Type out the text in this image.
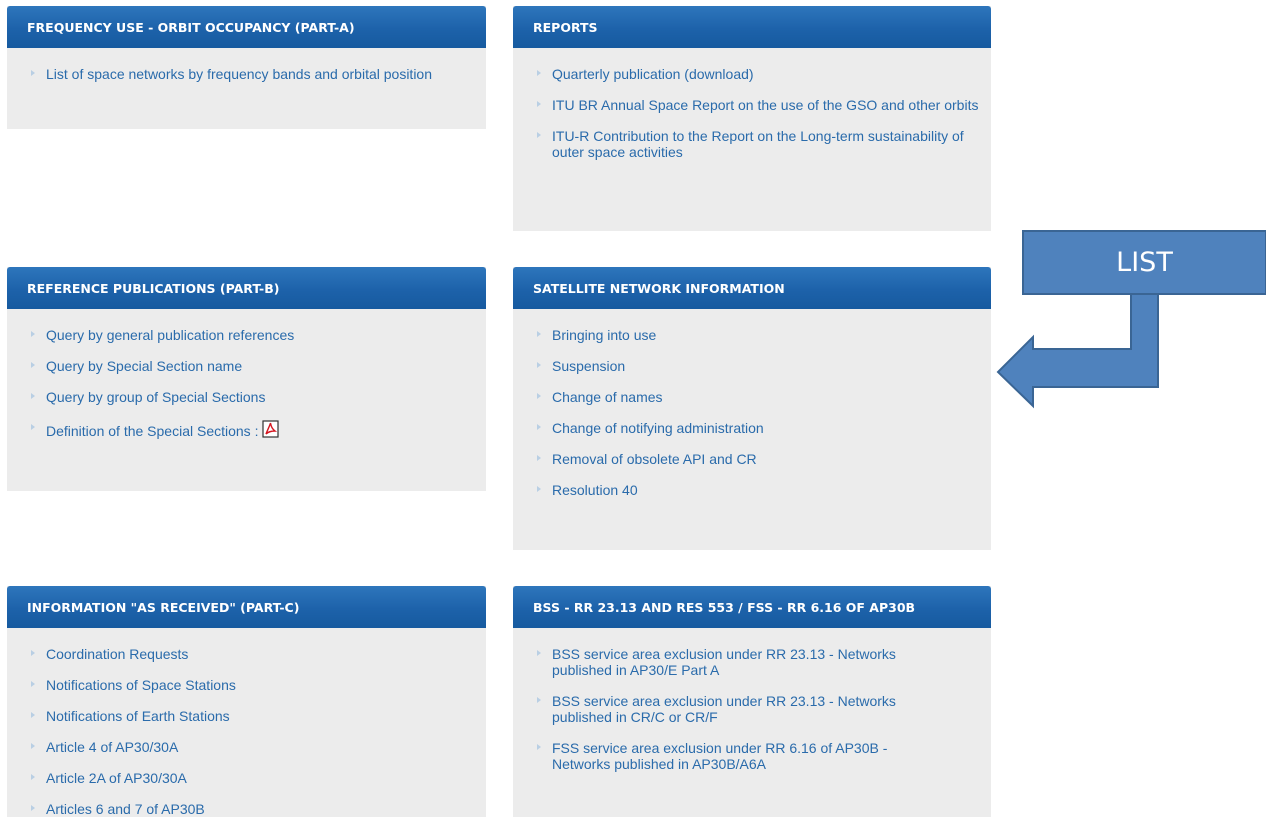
FREQUENCY USE - ORBIT OCCUPANCY (PART-A)
List of space networks by frequency bands and orbital position
REPORTS
Quarterly publication (download)
ITU BR Annual Space Report on the use of the GSO and other orbits
ITU-R Contribution to the Report on the Long-term sustainability of outer space activities
REFERENCE PUBLICATIONS (PART-B)
Query by general publication references
Query by Special Section name
Query by group of Special Sections
Definition of the Special Sections :
SATELLITE NETWORK INFORMATION
Bringing into use
Suspension
Change of names
Change of notifying administration
Removal of obsolete API and CR
Resolution 40
INFORMATION "AS RECEIVED" (PART-C)
Coordination Requests
Notifications of Space Stations
Notifications of Earth Stations
Article 4 of AP30/30A
Article 2A of AP30/30A
Articles 6 and 7 of AP30B
BSS - RR 23.13 AND RES 553 / FSS - RR 6.16 OF AP30B
BSS service area exclusion under RR 23.13 - Networks published in AP30/E Part A
BSS service area exclusion under RR 23.13 - Networks published in CR/C or CR/F
FSS service area exclusion under RR 6.16 of AP30B - Networks published in AP30B/A6A
LIST
